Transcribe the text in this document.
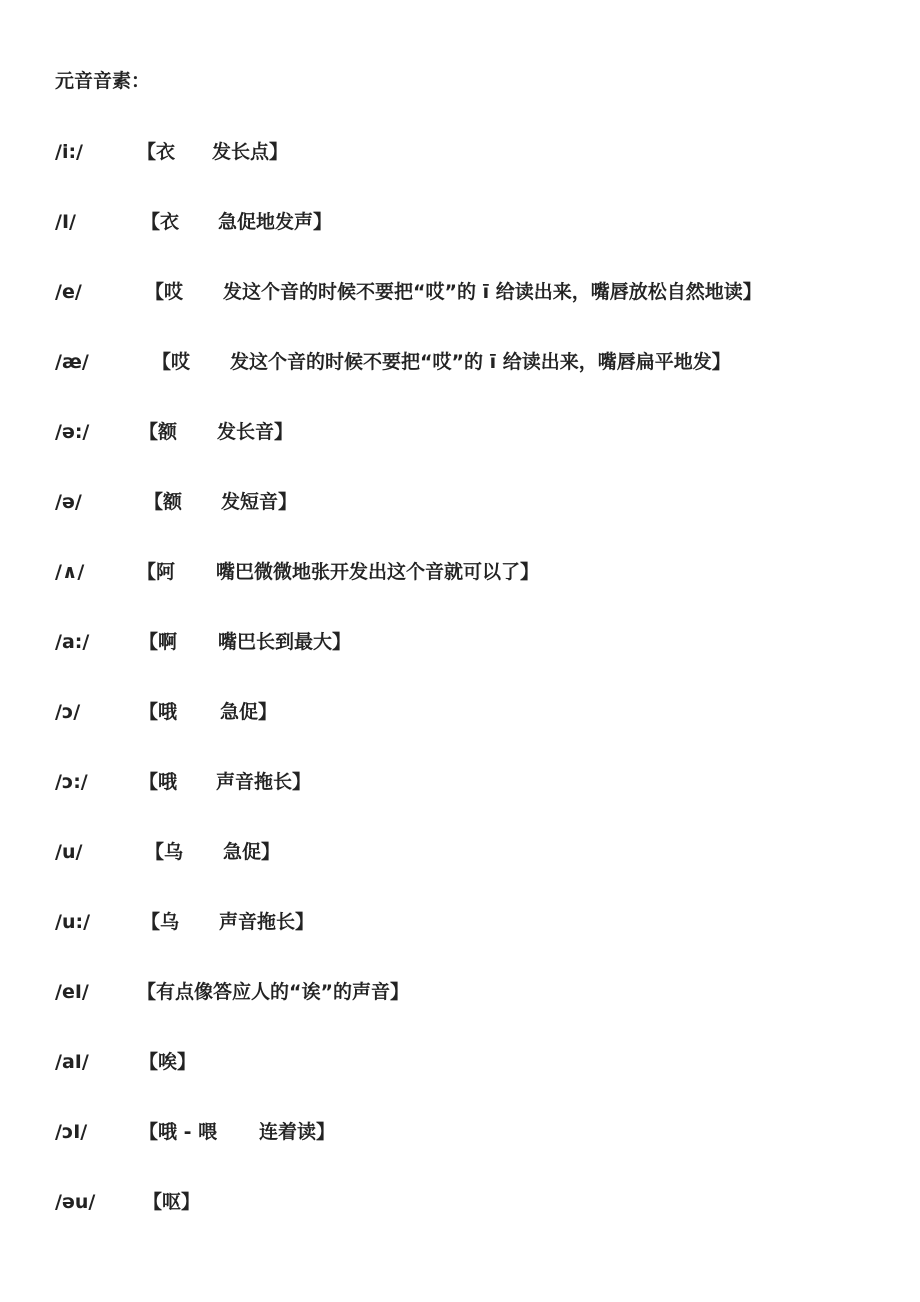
元音音素：
/i:/	【衣 发长点】
/I/	【衣 急促地发声】
/e/	【哎 发这个音的时候不要把“哎”的 ī 给读出来，嘴唇放松自然地读】
/æ/	【哎 发这个音的时候不要把“哎”的 ī 给读出来，嘴唇扁平地发】
/ə:/	【额 发长音】
/ə/	【额 发短音】
/∧/	【阿 嘴巴微微地张开发出这个音就可以了】
/a:/	【啊 嘴巴长到最大】
/ɔ/	【哦 急促】
/ɔ:/	【哦 声音拖长】
/u/	【乌 急促】
/u:/	【乌 声音拖长】
/eI/	【有点像答应人的“诶”的声音】
/aI/	【唉】
/ɔI/	【哦 - 喂 连着读】
/əu/	【呕】
